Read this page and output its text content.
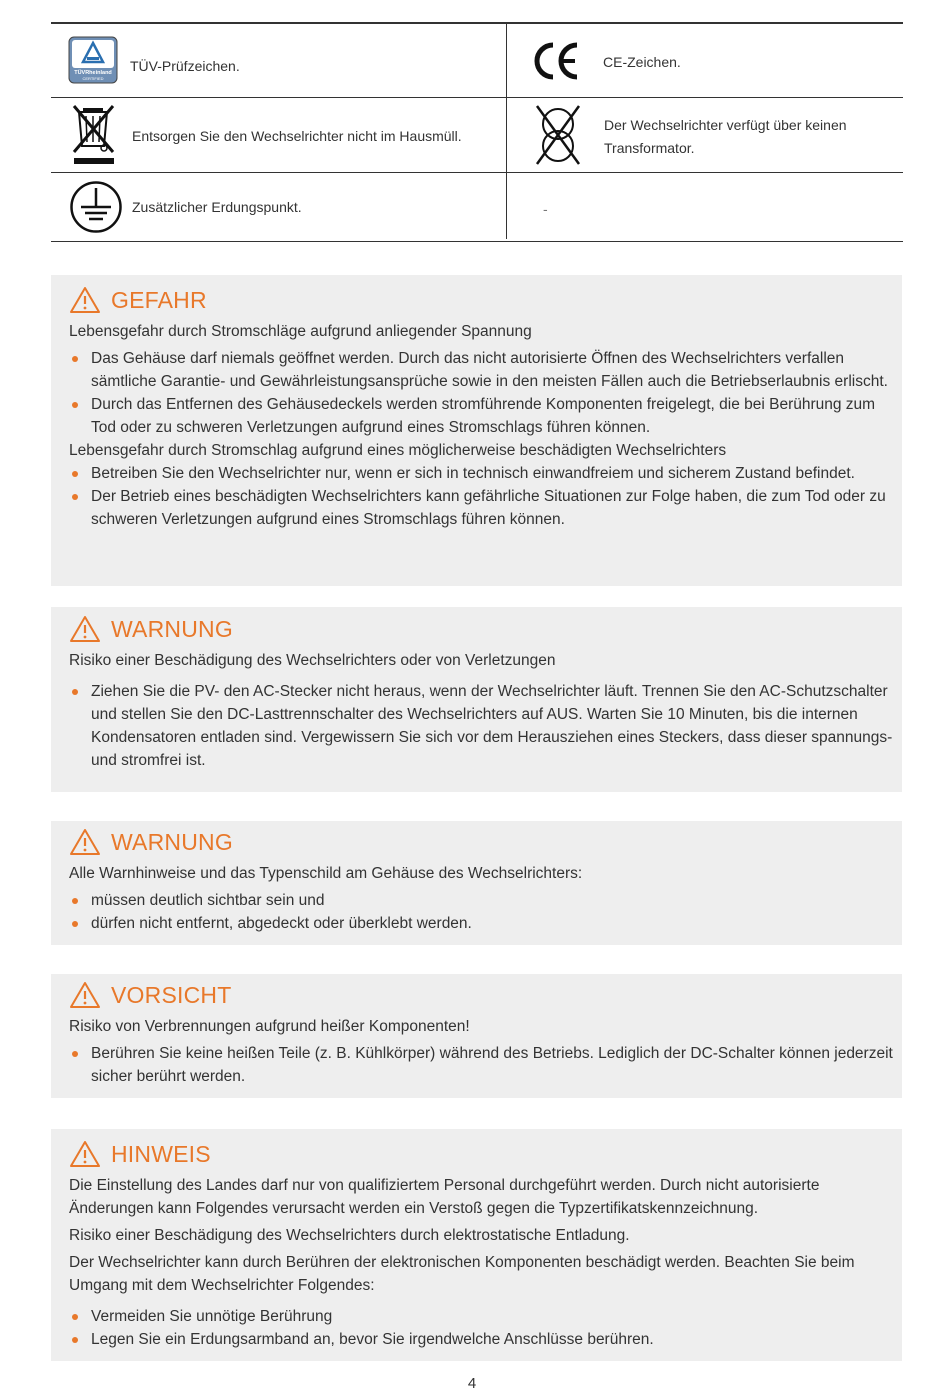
TÜVRheinland
CERTIFIED
TÜV-Prüfzeichen.	CE-Zeichen.
Entsorgen Sie den Wechselrichter nicht im Hausmüll.
Der Wechselrichter verfügt über keinen
Transformator.
Zusätzlicher Erdungspunkt.	-
GEFAHR

Lebensgefahr durch Stromschläge aufgrund anliegender Spannung

Das Gehäuse darf niemals geöffnet werden. Durch das nicht autorisierte Öffnen des Wechselrichters verfallen sämtliche Garantie- und Gewährleistungsansprüche sowie in den meisten Fällen auch die Betriebserlaubnis erlischt.
Durch das Entfernen des Gehäusedeckels werden stromführende Komponenten freigelegt, die bei Berührung zum Tod oder zu schweren Verletzungen aufgrund eines Stromschlags führen können.

Lebensgefahr durch Stromschlag aufgrund eines möglicherweise beschädigten Wechselrichters

Betreiben Sie den Wechselrichter nur, wenn er sich in technisch einwandfreiem und sicherem Zustand befindet.
Der Betrieb eines beschädigten Wechselrichters kann gefährliche Situationen zur Folge haben, die zum Tod oder zu schweren Verletzungen aufgrund eines Stromschlags führen können.
WARNUNG

Risiko einer Beschädigung des Wechselrichters oder von Verletzungen

Ziehen Sie die PV- den AC-Stecker nicht heraus, wenn der Wechselrichter läuft. Trennen Sie den AC-Schutzschalter und stellen Sie den DC-Lasttrennschalter des Wechselrichters auf AUS. Warten Sie 10 Minuten, bis die internen Kondensatoren entladen sind. Vergewissern Sie sich vor dem Herausziehen eines Steckers, dass dieser spannungs- und stromfrei ist.
WARNUNG

Alle Warnhinweise und das Typenschild am Gehäuse des Wechselrichters:

müssen deutlich sichtbar sein und
dürfen nicht entfernt, abgedeckt oder überklebt werden.
VORSICHT

Risiko von Verbrennungen aufgrund heißer Komponenten!

Berühren Sie keine heißen Teile (z. B. Kühlkörper) während des Betriebs. Lediglich der DC-Schalter können jederzeit sicher berührt werden.
HINWEIS

Die Einstellung des Landes darf nur von qualifiziertem Personal durchgeführt werden. Durch nicht autorisierte Änderungen kann Folgendes verursacht werden ein Verstoß gegen die Typzertifikatskennzeichnung.

Risiko einer Beschädigung des Wechselrichters durch elektrostatische Entladung.

Der Wechselrichter kann durch Berühren der elektronischen Komponenten beschädigt werden. Beachten Sie beim Umgang mit dem Wechselrichter Folgendes:

Vermeiden Sie unnötige Berührung
Legen Sie ein Erdungsarmband an, bevor Sie irgendwelche Anschlüsse berühren.
4
